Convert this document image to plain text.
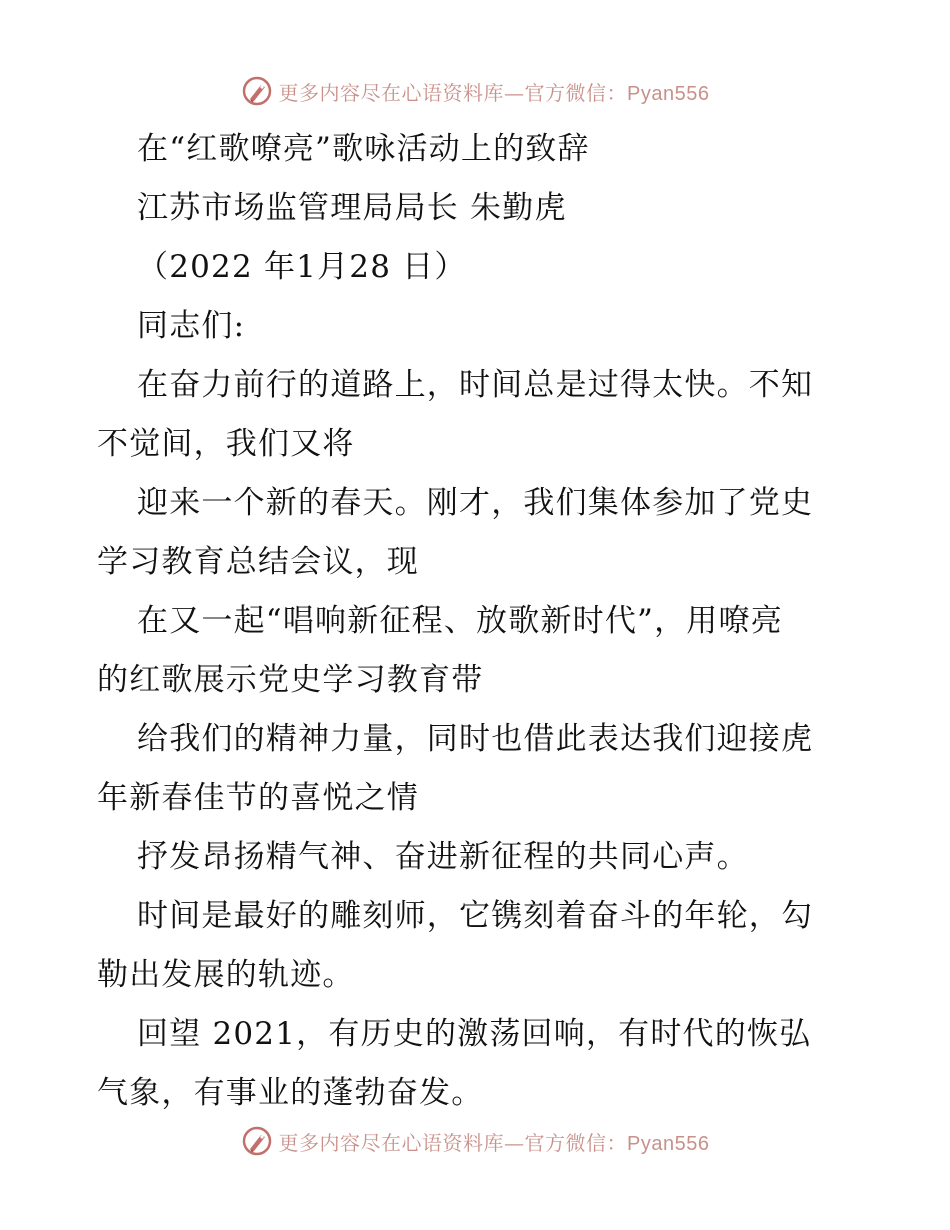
更多内容尽在心语资料库—官方微信：Pyan556
在“红歌嘹亮”歌咏活动上的致辞
江苏市场监管理局局长 朱勤虎
（2022 年1月28 日）
同志们:
在奋力前行的道路上，时间总是过得太快。不知
不觉间，我们又将
迎来一个新的春天。刚才，我们集体参加了党史
学习教育总结会议，现
在又一起“唱响新征程、放歌新时代”，用嘹亮
的红歌展示党史学习教育带
给我们的精神力量，同时也借此表达我们迎接虎
年新春佳节的喜悦之情
抒发昂扬精气神、奋进新征程的共同心声。
时间是最好的雕刻师，它镌刻着奋斗的年轮，勾
勒出发展的轨迹。
回望 2021，有历史的激荡回响，有时代的恢弘
气象，有事业的蓬勃奋发。
更多内容尽在心语资料库—官方微信：Pyan556
